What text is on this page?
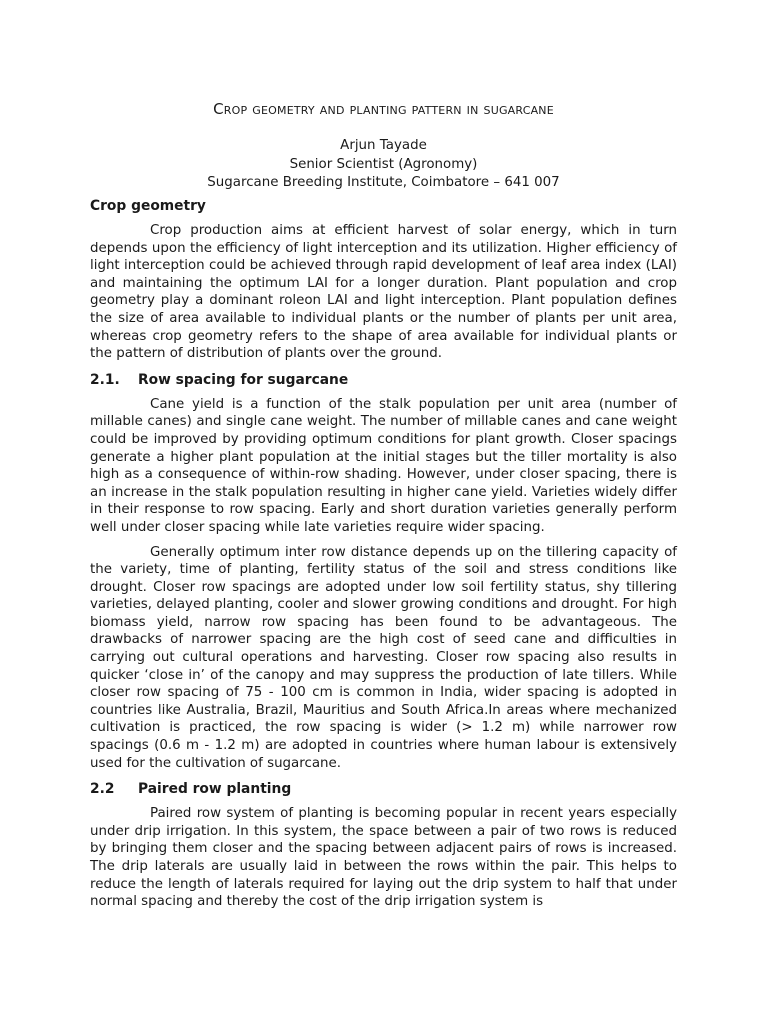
Crop geometry and planting pattern in sugarcane
Arjun Tayade
Senior Scientist (Agronomy)
Sugarcane Breeding Institute, Coimbatore – 641 007
Crop geometry

Crop production aims at efficient harvest of solar energy, which in turn depends upon the efficiency of light interception and its utilization. Higher efficiency of light interception could be achieved through rapid development of leaf area index (LAI) and maintaining the optimum LAI for a longer duration. Plant population and crop geometry play a dominant roleon LAI and light interception. Plant population defines the size of area available to individual plants or the number of plants per unit area, whereas crop geometry refers to the shape of area available for individual plants or the pattern of distribution of plants over the ground.

2.1. Row spacing for sugarcane

Cane yield is a function of the stalk population per unit area (number of millable canes) and single cane weight. The number of millable canes and cane weight could be improved by providing optimum conditions for plant growth. Closer spacings generate a higher plant population at the initial stages but the tiller mortality is also high as a consequence of within-row shading. However, under closer spacing, there is an increase in the stalk population resulting in higher cane yield. Varieties widely differ in their response to row spacing. Early and short duration varieties generally perform well under closer spacing while late varieties require wider spacing.

Generally optimum inter row distance depends up on the tillering capacity of the variety, time of planting, fertility status of the soil and stress conditions like drought. Closer row spacings are adopted under low soil fertility status, shy tillering varieties, delayed planting, cooler and slower growing conditions and drought. For high biomass yield, narrow row spacing has been found to be advantageous. The drawbacks of narrower spacing are the high cost of seed cane and difficulties in carrying out cultural operations and harvesting. Closer row spacing also results in quicker ‘close in’ of the canopy and may suppress the production of late tillers. While closer row spacing of 75 - 100 cm is common in India, wider spacing is adopted in countries like Australia, Brazil, Mauritius and South Africa.In areas where mechanized cultivation is practiced, the row spacing is wider (> 1.2 m) while narrower row spacings (0.6 m - 1.2 m) are adopted in countries where human labour is extensively used for the cultivation of sugarcane.

2.2 Paired row planting

Paired row system of planting is becoming popular in recent years especially under drip irrigation. In this system, the space between a pair of two rows is reduced by bringing them closer and the spacing between adjacent pairs of rows is increased. The drip laterals are usually laid in between the rows within the pair. This helps to reduce the length of laterals required for laying out the drip system to half that under normal spacing and thereby the cost of the drip irrigation system is
